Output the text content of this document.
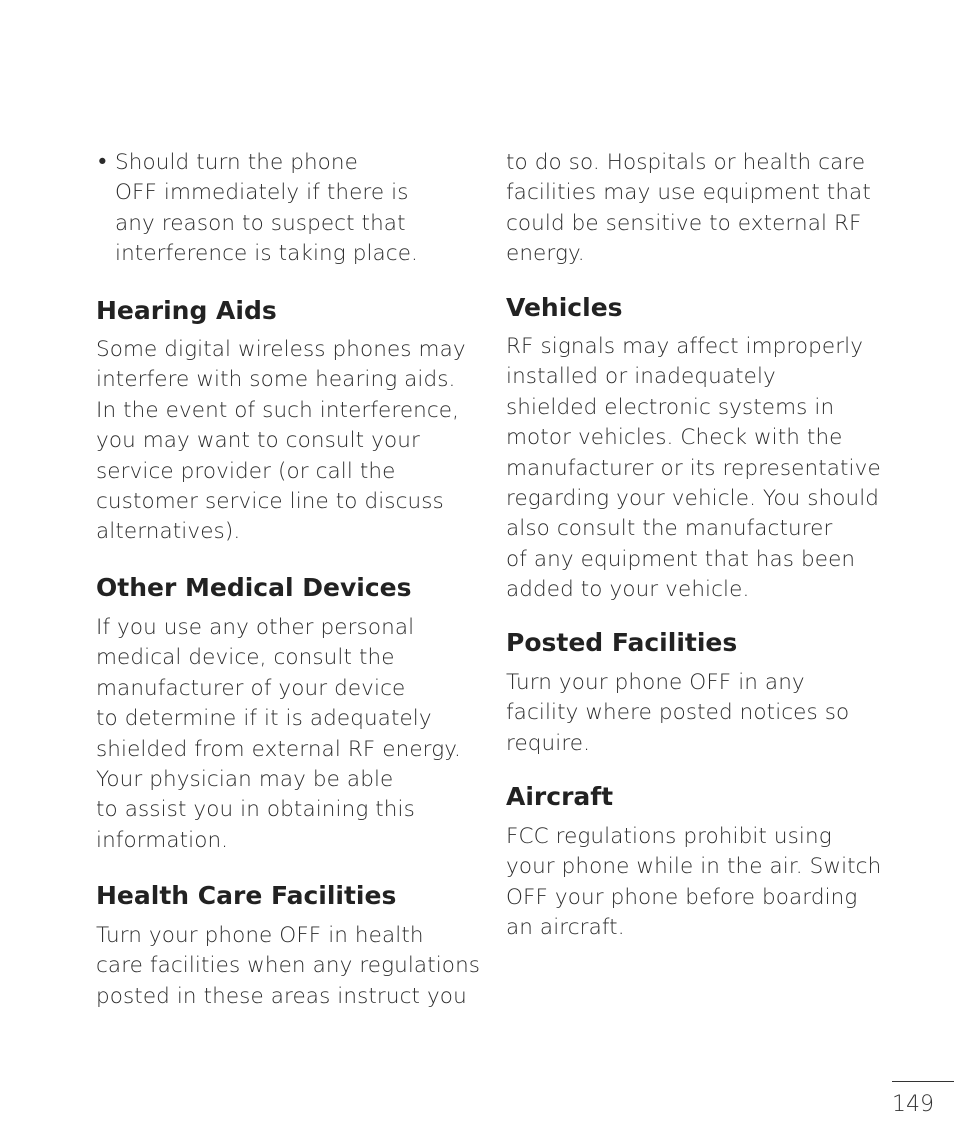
• Should turn the phone
OFF immediately if there is
any reason to suspect that
interference is taking place.

Hearing Aids

Some digital wireless phones may
interfere with some hearing aids.
In the event of such interference,
you may want to consult your
service provider (or call the
customer service line to discuss
alternatives).

Other Medical Devices

If you use any other personal
medical device, consult the
manufacturer of your device
to determine if it is adequately
shielded from external RF energy.
Your physician may be able
to assist you in obtaining this
information.

Health Care Facilities

Turn your phone OFF in health
care facilities when any regulations
posted in these areas instruct you

to do so. Hospitals or health care
facilities may use equipment that
could be sensitive to external RF
energy.

Vehicles

RF signals may affect improperly
installed or inadequately
shielded electronic systems in
motor vehicles. Check with the
manufacturer or its representative
regarding your vehicle. You should
also consult the manufacturer
of any equipment that has been
added to your vehicle.

Posted Facilities

Turn your phone OFF in any
facility where posted notices so
require.

Aircraft

FCC regulations prohibit using
your phone while in the air. Switch
OFF your phone before boarding
an aircraft.

149
